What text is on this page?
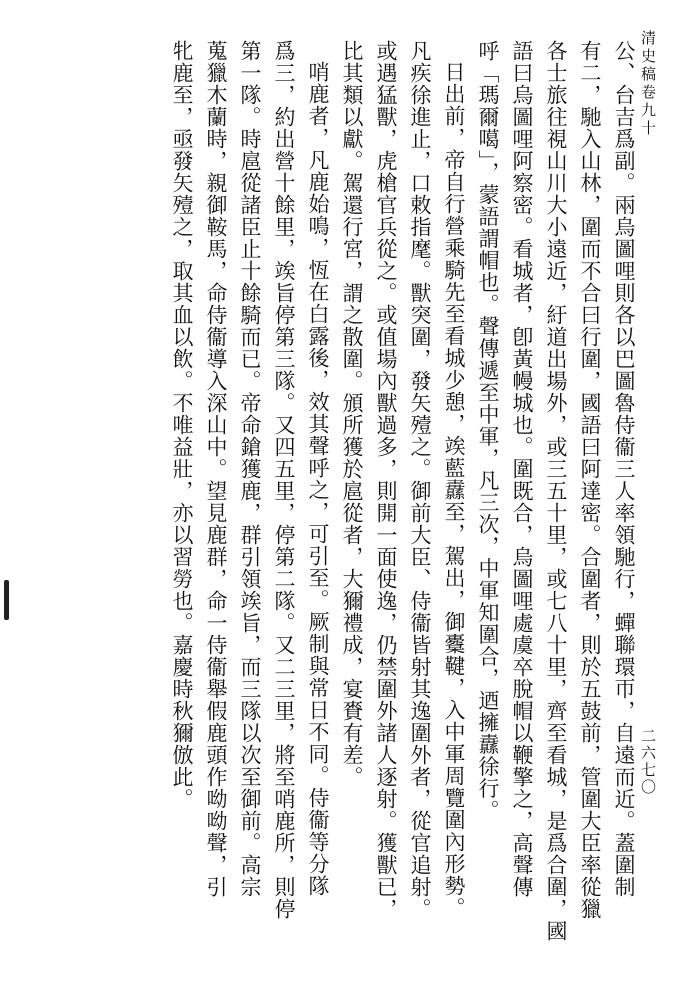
清史稿卷九十
二六七〇
公、台吉爲副。兩烏圖哩則各以巴圖魯侍衞三人率領馳行，蟬聯環帀，自遠而近。蓋圍制
有二，馳入山林，圍而不合曰行圍，國語曰阿達密。合圍者，則於五鼓前，管圍大臣率從獵
各士旅往視山川大小遠近，紆道出場外，或三五十里，或七八十里，齊至看城，是爲合圍，國
語曰烏圖哩阿察密。看城者，卽黃幔城也。圍既合，烏圖哩處虞卒脫帽以鞭擎之，高聲傳
呼「瑪爾噶」，蒙語謂帽也。聲傳遞至中軍，凡三次，中軍知圍合，迺擁纛徐行。
日出前，帝自行營乘騎先至看城少憩，竢藍纛至，駕出，御櫜鞬，入中軍周覽圍內形勢。
凡疾徐進止，口敕指麾。獸突圍，發矢殪之。御前大臣、侍衞皆射其逸圍外者，從官追射。
或遇猛獸，虎槍官兵從之。或值場內獸過多，則開一面使逸，仍禁圍外諸人逐射。獲獸已，
比其類以獻。駕還行宮，謂之散圍。頒所獲於扈從者，大獮禮成，宴賚有差。
哨鹿者，凡鹿始鳴，恆在白露後，效其聲呼之，可引至。厥制與常日不同。侍衞等分隊
爲三，約出營十餘里，竢旨停第三隊。又四五里，停第二隊。又二三里，將至哨鹿所，則停
第一隊。時扈從諸臣止十餘騎而已。帝命鎗獲鹿，群引領竢旨，而三隊以次至御前。高宗
蒐獵木蘭時，親御鞍馬，命侍衞導入深山中。望見鹿群，命一侍衞舉假鹿頭作呦呦聲，引
牝鹿至，亟發矢殪之，取其血以飲。不唯益壯，亦以習勞也。嘉慶時秋獮倣此。
